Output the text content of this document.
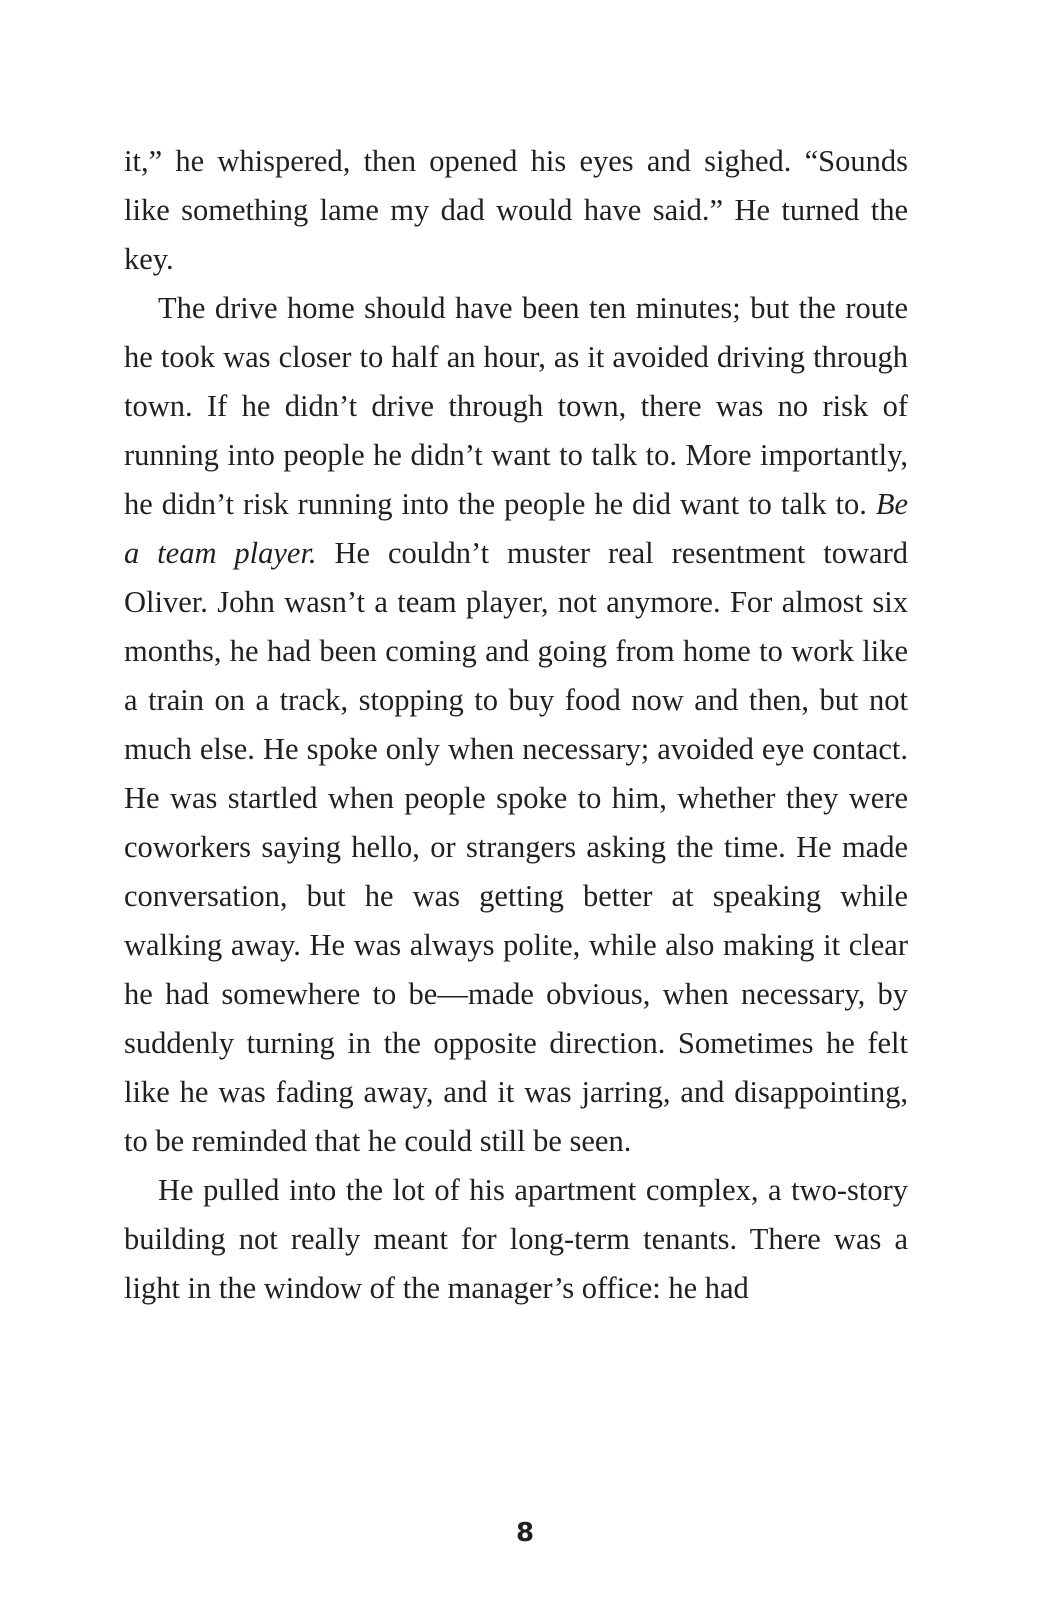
it,” he whispered, then opened his eyes and sighed. “Sounds like something lame my dad would have said.” He turned the key.

The drive home should have been ten minutes; but the route he took was closer to half an hour, as it avoided driving through town. If he didn’t drive through town, there was no risk of running into people he didn’t want to talk to. More importantly, he didn’t risk running into the people he did want to talk to. Be a team player. He couldn’t muster real resentment toward Oliver. John wasn’t a team player, not anymore. For almost six months, he had been coming and going from home to work like a train on a track, stopping to buy food now and then, but not much else. He spoke only when necessary; avoided eye contact. He was startled when people spoke to him, whether they were coworkers saying hello, or strangers asking the time. He made conversation, but he was getting better at speaking while walking away. He was always polite, while also making it clear he had somewhere to be—made obvious, when necessary, by suddenly turning in the opposite direction. Sometimes he felt like he was fading away, and it was jarring, and disappointing, to be reminded that he could still be seen.

He pulled into the lot of his apartment complex, a two-story building not really meant for long-term tenants. There was a light in the window of the manager’s office: he had

8
